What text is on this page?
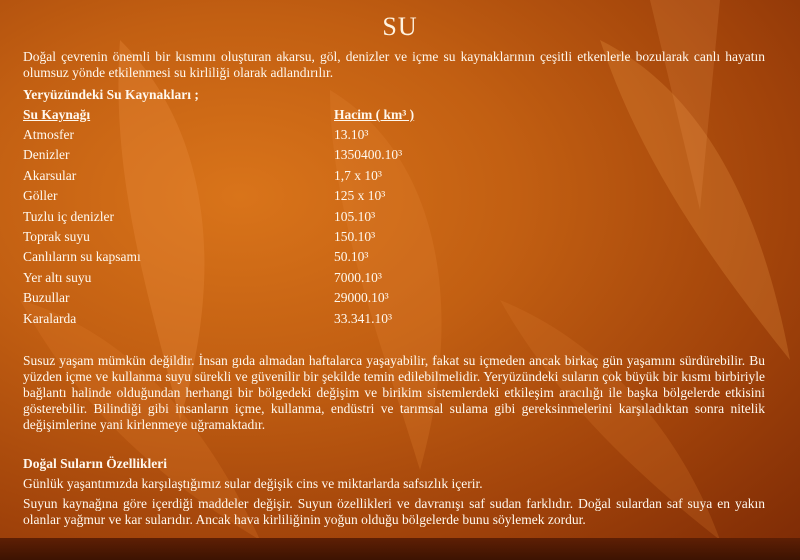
SU
Doğal çevrenin önemli bir kısmını oluşturan akarsu, göl, denizler ve içme su kaynaklarının çeşitli etkenlerle bozularak canlı hayatın olumsuz yönde etkilenmesi su kirliliği olarak adlandırılır.
Yeryüzündeki Su Kaynakları ;
Su Kaynağı	Hacim ( km³ )
Atmosfer	13.10³
Denizler	1350400.10³
Akarsular	1,7 x 10³
Göller	125 x 10³
Tuzlu iç denizler	105.10³
Toprak suyu	150.10³
Canlıların su kapsamı	50.10³
Yer altı suyu	7000.10³
Buzullar	29000.10³
Karalarda	33.341.10³
Susuz yaşam mümkün değildir. İnsan gıda almadan haftalarca yaşayabilir, fakat su içmeden ancak birkaç gün yaşamını sürdürebilir. Bu yüzden içme ve kullanma suyu sürekli ve güvenilir bir şekilde temin edilebilmelidir. Yeryüzündeki suların çok büyük bir kısmı birbiriyle bağlantı halinde olduğundan herhangi bir bölgedeki değişim ve birikim sistemlerdeki etkileşim aracılığı ile başka bölgelerde etkisini gösterebilir. Bilindiği gibi insanların içme, kullanma, endüstri ve tarımsal sulama gibi gereksinmelerini karşıladıktan sonra nitelik değişimlerine yani kirlenmeye uğramaktadır.
Doğal Suların Özellikleri
Günlük yaşantımızda karşılaştığımız sular değişik cins ve miktarlarda safsızlık içerir.
Suyun kaynağına göre içerdiği maddeler değişir. Suyun özellikleri ve davranışı saf sudan farklıdır. Doğal sulardan saf suya en yakın olanlar yağmur ve kar sularıdır. Ancak hava kirliliğinin yoğun olduğu bölgelerde bunu söylemek zordur.
